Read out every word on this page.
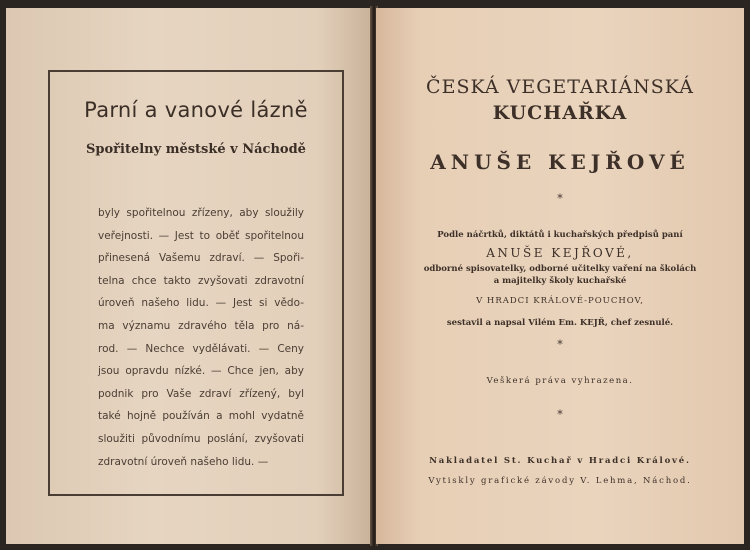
Parní a vanové lázně

Spořitelny městské v Náchodě

byly spořitelnou zřízeny, aby sloužily
veřejnosti. — Jest to oběť spořitelnou
přinesená Vašemu zdraví. — Spoři-
telna chce takto zvyšovati zdravotní
úroveň našeho lidu. — Jest si vědo-
ma významu zdravého těla pro ná-
rod. — Nechce vydělávati. — Ceny
jsou opravdu nízké. — Chce jen, aby
podnik pro Vaše zdraví zřízený, byl
také hojně používán a mohl vydatně
sloužiti původnímu poslání, zvyšovati
zdravotní úroveň našeho lidu. —
ČESKÁ VEGETARIÁNSKÁ
KUCHAŘKA
ANUŠE KEJŘOVÉ
*

Podle náčrtků, diktátů i kuchařských předpisů paní

ANUŠE KEJŘOVÉ,

odborné spisovatelky, odborné učitelky vaření na školách

a majitelky školy kuchařské

V HRADCI KRÁLOVÉ-POUCHOV,

sestavil a napsal Vilém Em. KEJŘ, chef zesnulé.

*

Veškerá práva vyhrazena.

*

Nakladatel St. Kuchař v Hradci Králové.

Vytiskly grafické závody V. Lehma, Náchod.
